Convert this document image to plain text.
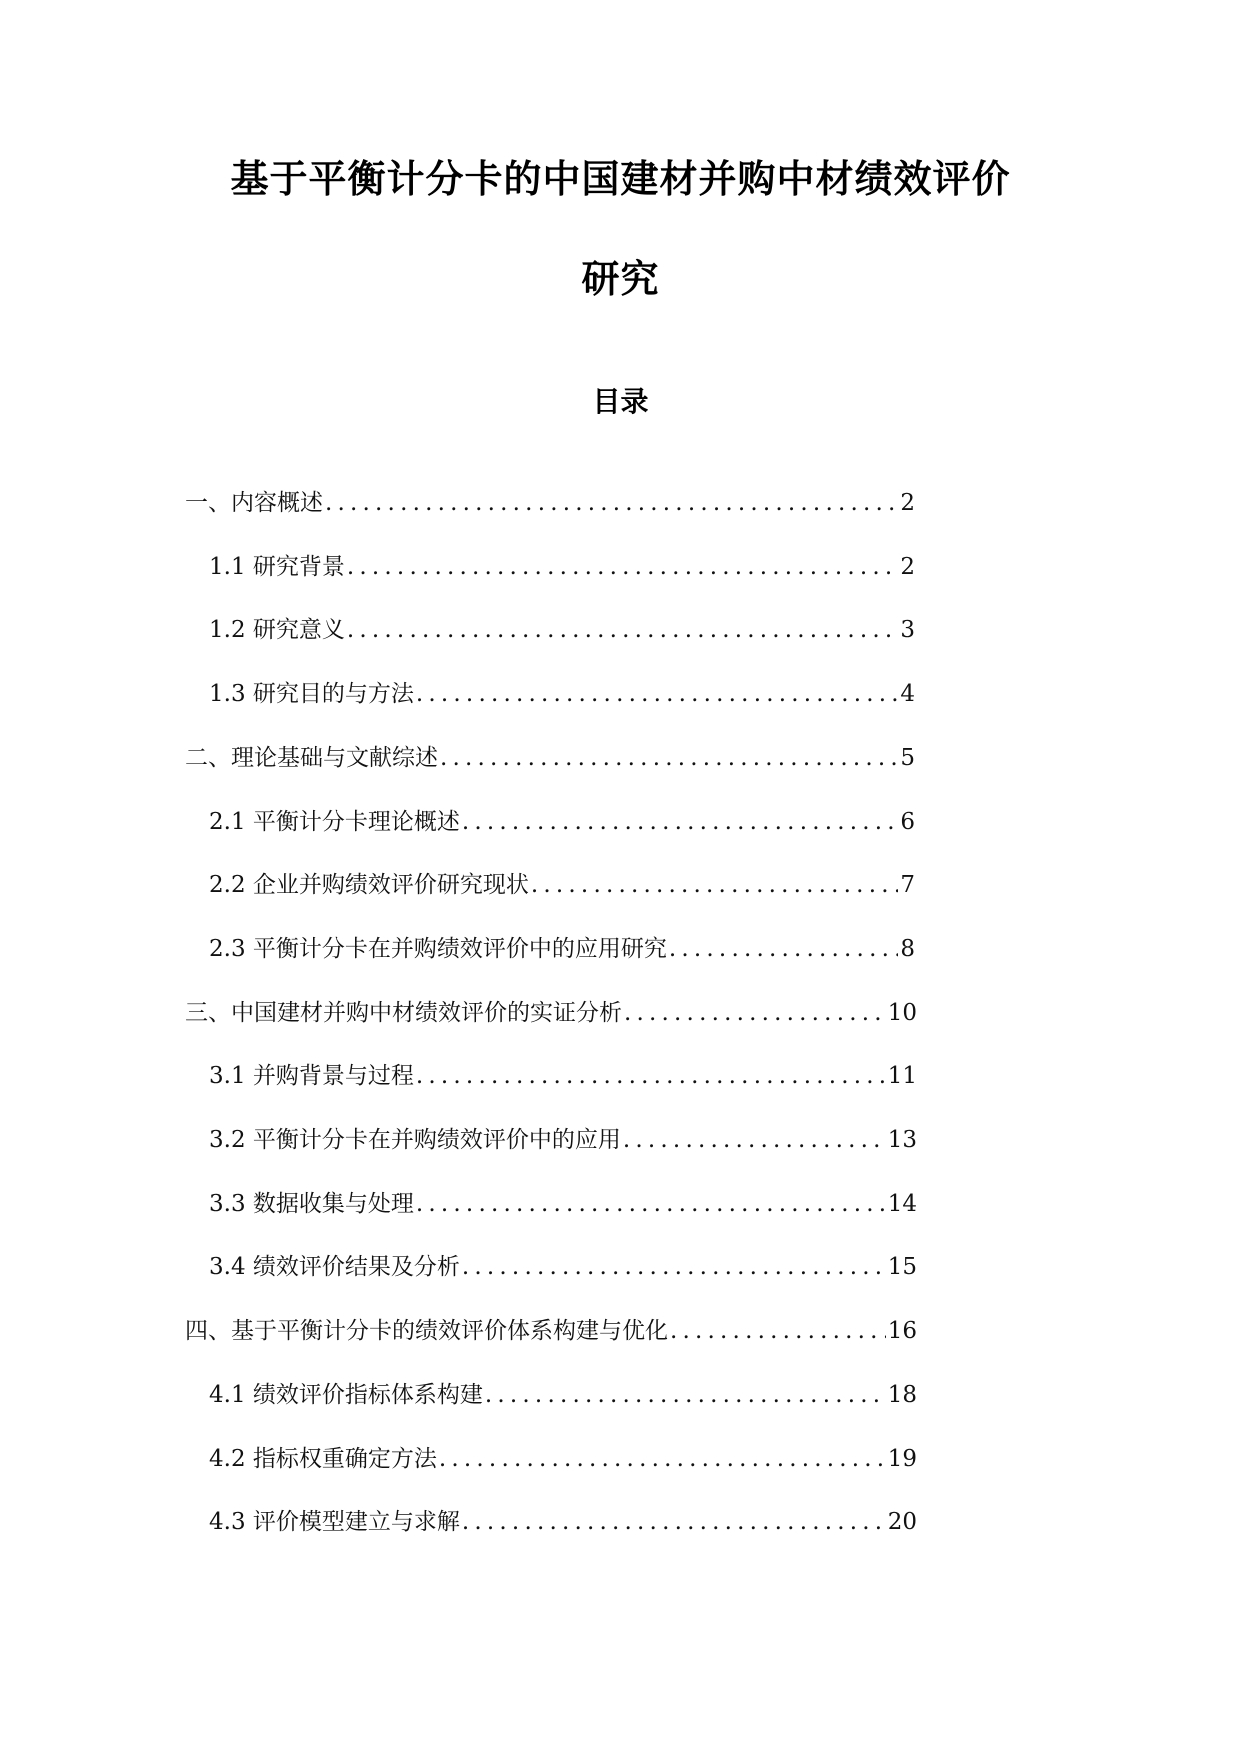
基于平衡计分卡的中国建材并购中材绩效评价
研究
目录
一、内容概述 .....	2
1.1 研究背景 .....	2
1.2 研究意义 .....	3
1.3 研究目的与方法 .....	4
二、理论基础与文献综述 .....	5
2.1 平衡计分卡理论概述 .....	6
2.2 企业并购绩效评价研究现状 .....	7
2.3 平衡计分卡在并购绩效评价中的应用研究 .....	8
三、中国建材并购中材绩效评价的实证分析 .....	10
3.1 并购背景与过程 .....	11
3.2 平衡计分卡在并购绩效评价中的应用 .....	13
3.3 数据收集与处理 .....	14
3.4 绩效评价结果及分析 .....	15
四、基于平衡计分卡的绩效评价体系构建与优化 .....	16
4.1 绩效评价指标体系构建 .....	18
4.2 指标权重确定方法 .....	19
4.3 评价模型建立与求解 .....	20
